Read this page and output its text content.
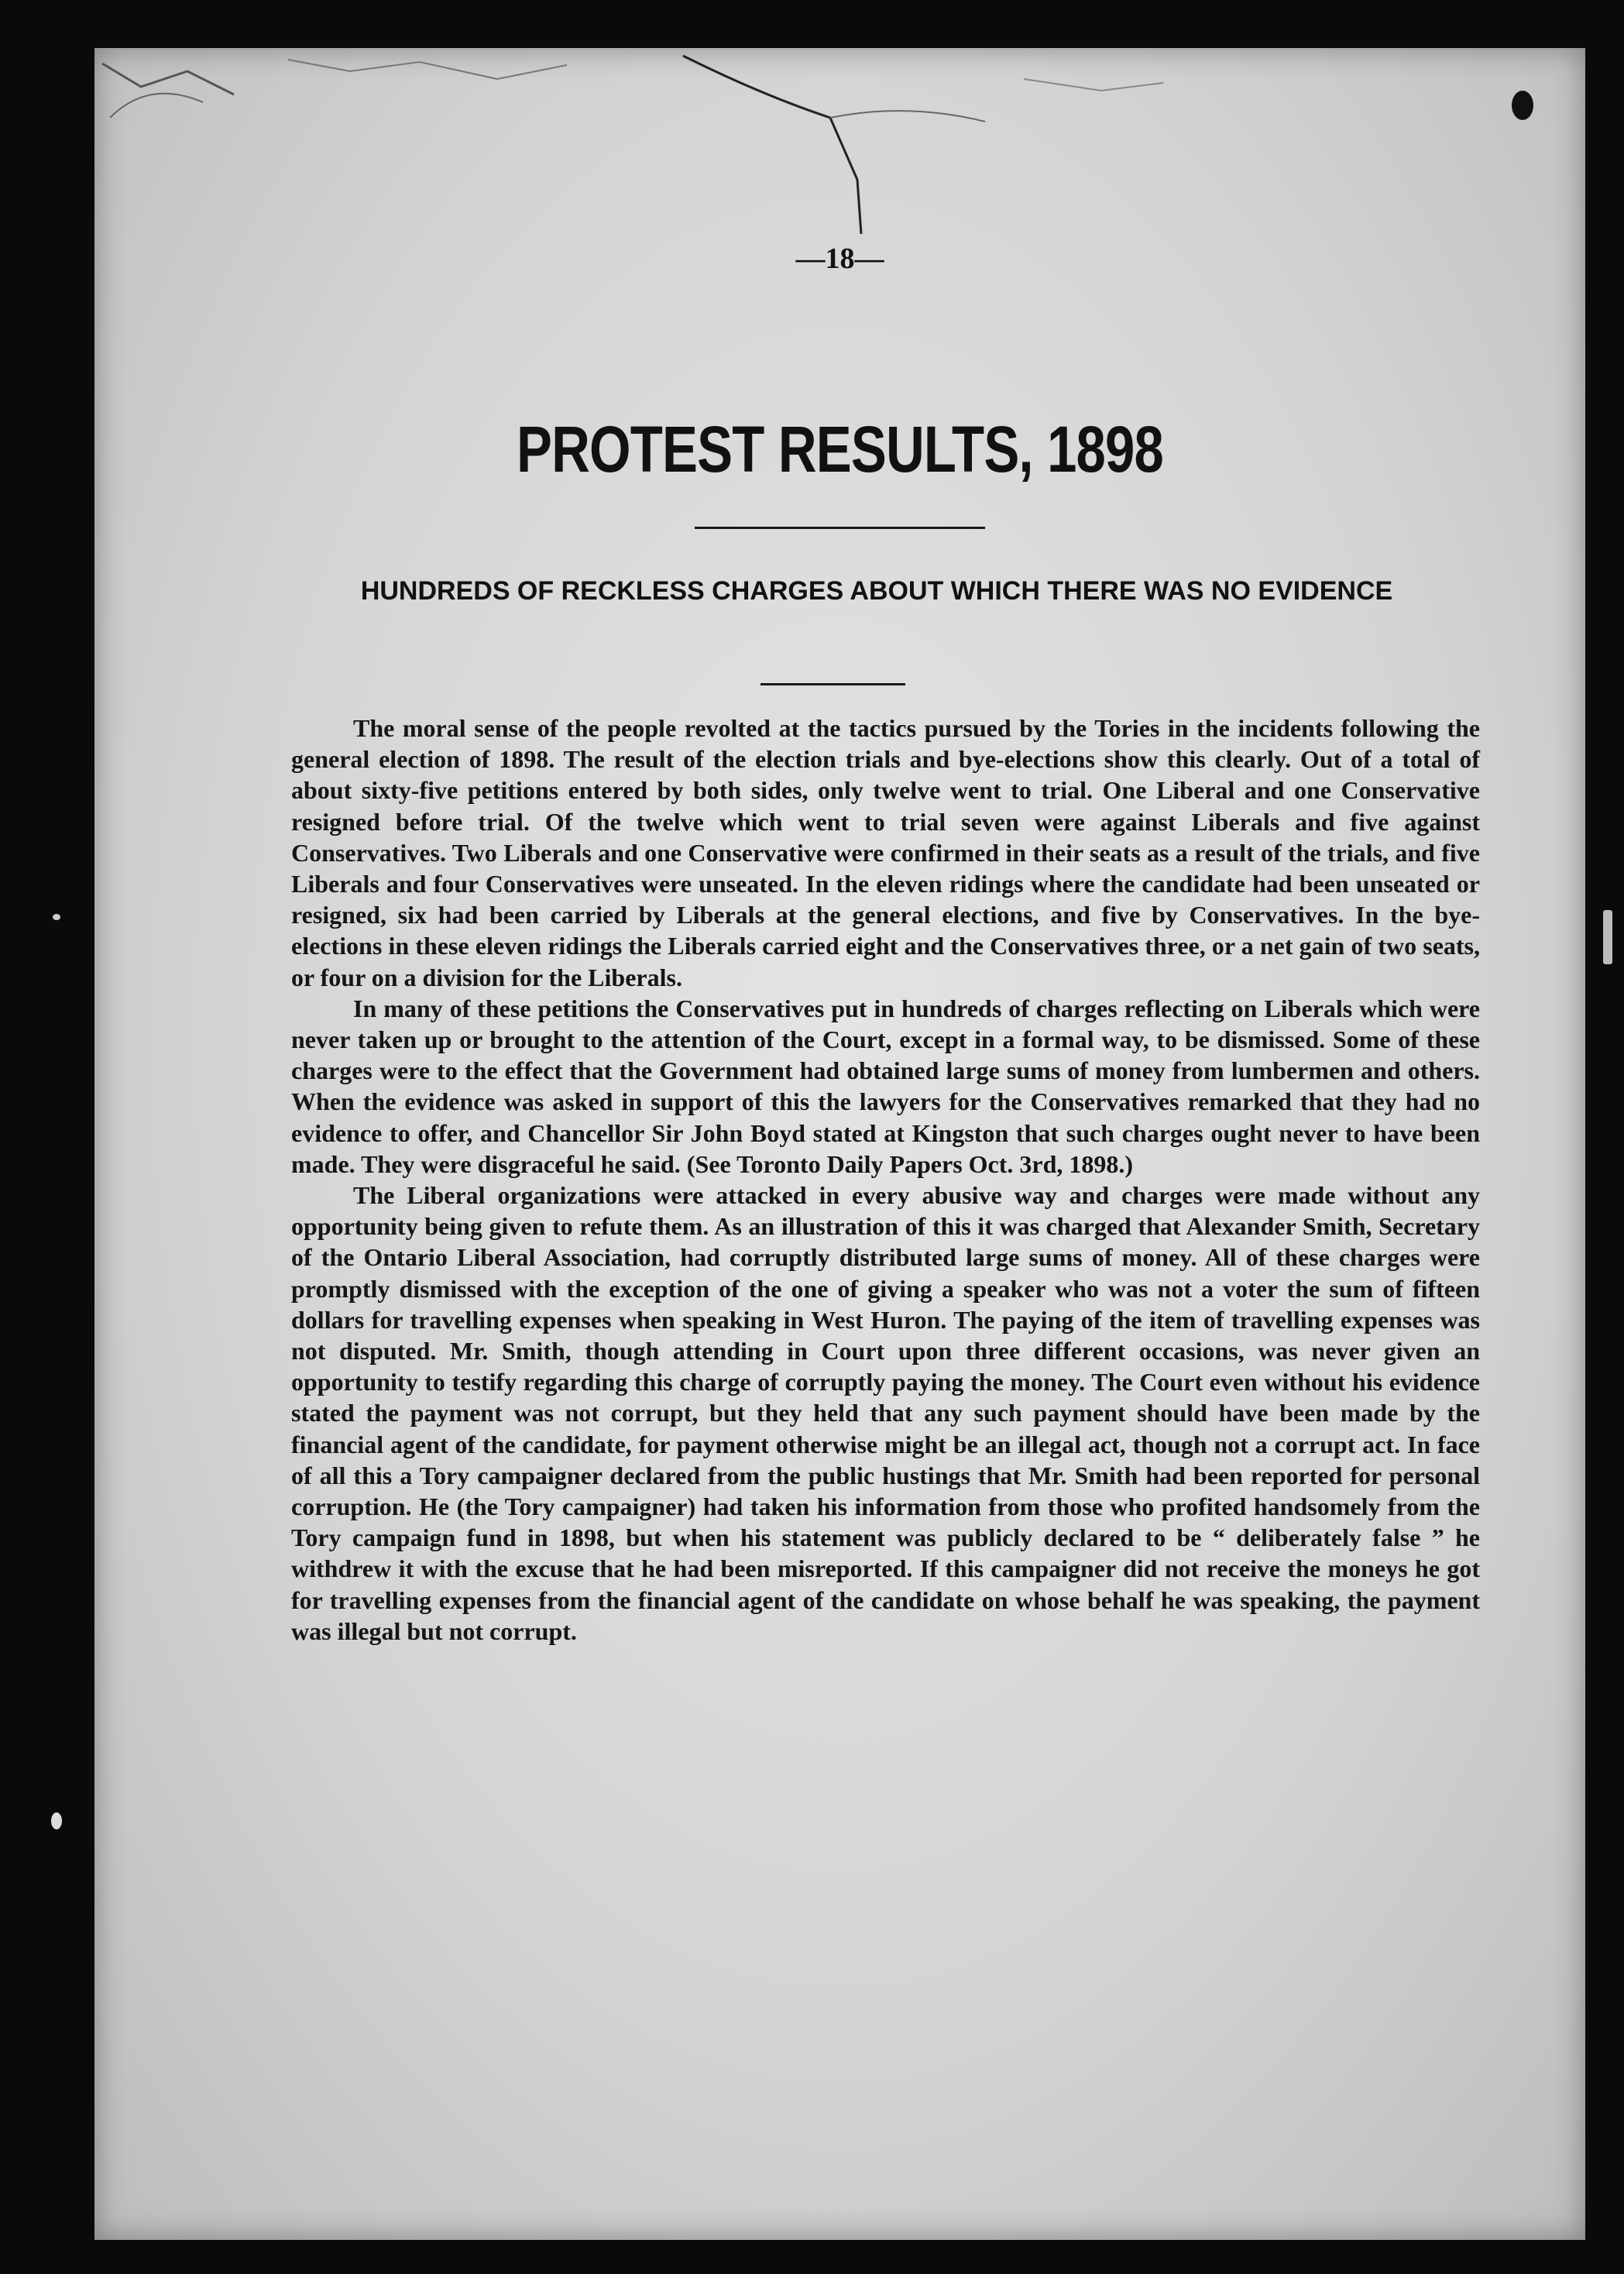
—18—
PROTEST RESULTS, 1898
HUNDREDS OF RECKLESS CHARGES ABOUT WHICH THERE WAS NO EVIDENCE

The moral sense of the people revolted at the tactics pursued by the Tories in the incidents following the general election of 1898. The result of the election trials and bye-elections show this clearly. Out of a total of about sixty-five petitions entered by both sides, only twelve went to trial. One Liberal and one Conservative resigned before trial. Of the twelve which went to trial seven were against Liberals and five against Conservatives. Two Liberals and one Conservative were confirmed in their seats as a result of the trials, and five Liberals and four Conservatives were unseated. In the eleven ridings where the candidate had been unseated or resigned, six had been carried by Liberals at the general elections, and five by Conservatives. In the bye-elections in these eleven ridings the Liberals carried eight and the Conservatives three, or a net gain of two seats, or four on a division for the Liberals.

In many of these petitions the Conservatives put in hundreds of charges reflecting on Liberals which were never taken up or brought to the attention of the Court, except in a formal way, to be dismissed. Some of these charges were to the effect that the Government had obtained large sums of money from lumbermen and others. When the evidence was asked in support of this the lawyers for the Conservatives remarked that they had no evidence to offer, and Chancellor Sir John Boyd stated at Kingston that such charges ought never to have been made. They were disgraceful he said. (See Toronto Daily Papers Oct. 3rd, 1898.)

The Liberal organizations were attacked in every abusive way and charges were made without any opportunity being given to refute them. As an illustration of this it was charged that Alexander Smith, Secretary of the Ontario Liberal Association, had corruptly distributed large sums of money. All of these charges were promptly dismissed with the exception of the one of giving a speaker who was not a voter the sum of fifteen dollars for travelling expenses when speaking in West Huron. The paying of the item of travelling expenses was not disputed. Mr. Smith, though attending in Court upon three different occasions, was never given an opportunity to testify regarding this charge of corruptly paying the money. The Court even without his evidence stated the payment was not corrupt, but they held that any such payment should have been made by the financial agent of the candidate, for payment otherwise might be an illegal act, though not a corrupt act. In face of all this a Tory campaigner declared from the public hustings that Mr. Smith had been reported for personal corruption. He (the Tory campaigner) had taken his information from those who profited handsomely from the Tory campaign fund in 1898, but when his statement was publicly declared to be “ deliberately false ” he withdrew it with the excuse that he had been misreported. If this campaigner did not receive the moneys he got for travelling expenses from the financial agent of the candidate on whose behalf he was speaking, the payment was illegal but not corrupt.
